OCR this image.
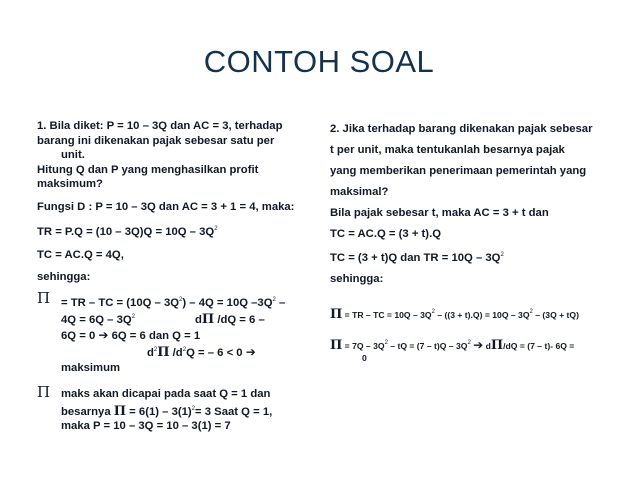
CONTOH SOAL
1. Bila diket: P = 10 – 3Q dan AC = 3, terhadap
barang ini dikenakan pajak sebesar satu per
unit.
Hitung Q dan P yang menghasilkan profit
maksimum?
Fungsi D : P = 10 – 3Q dan AC = 3 + 1 = 4, maka:
TR = $P.Q = (10 - 3Q)Q = 10Q - 3Q^2$
TC = AC.Q = 4Q,
sehingga:
Π = TR – TC = $(10Q - 3Q^2) - 4Q = 10Q$ $-3Q^2$ –
$4Q = 6Q - 3Q^2$	dΠ /dQ = 6 –
6Q = 0 ➔ 6Q = 6 dan Q = 1
$d^2\Pi$ $/d^2Q$ = – 6 < 0 ➔
maksimum
Π maks akan dicapai pada saat Q = 1 dan
besarnya $\Pi = 6(1) - 3(1)^2= 3$ Saat Q = 1,
maka P = 10 – 3Q = 10 – 3(1) = 7
2. Jika terhadap barang dikenakan pajak sebesar
t per unit, maka tentukanlah besarnya pajak
yang memberikan penerimaan pemerintah yang
maksimal?
Bila pajak sebesar t, maka AC = 3 + t dan
TC = AC.Q = (3 + t).Q
TC = (3 + t)Q dan TR = $10Q - 3Q^2$
sehingga:
Π = TR – TC = $10Q - 3Q^2 - ((3 + t).Q) = 10Q - 3Q^2 - (3Q + tQ)$
$\Pi = 7Q - 3Q^2$ – tQ = $(7 - t)Q - 3Q^2$ ➔ dΠ/dQ = (7 – t)- 6Q =
0
